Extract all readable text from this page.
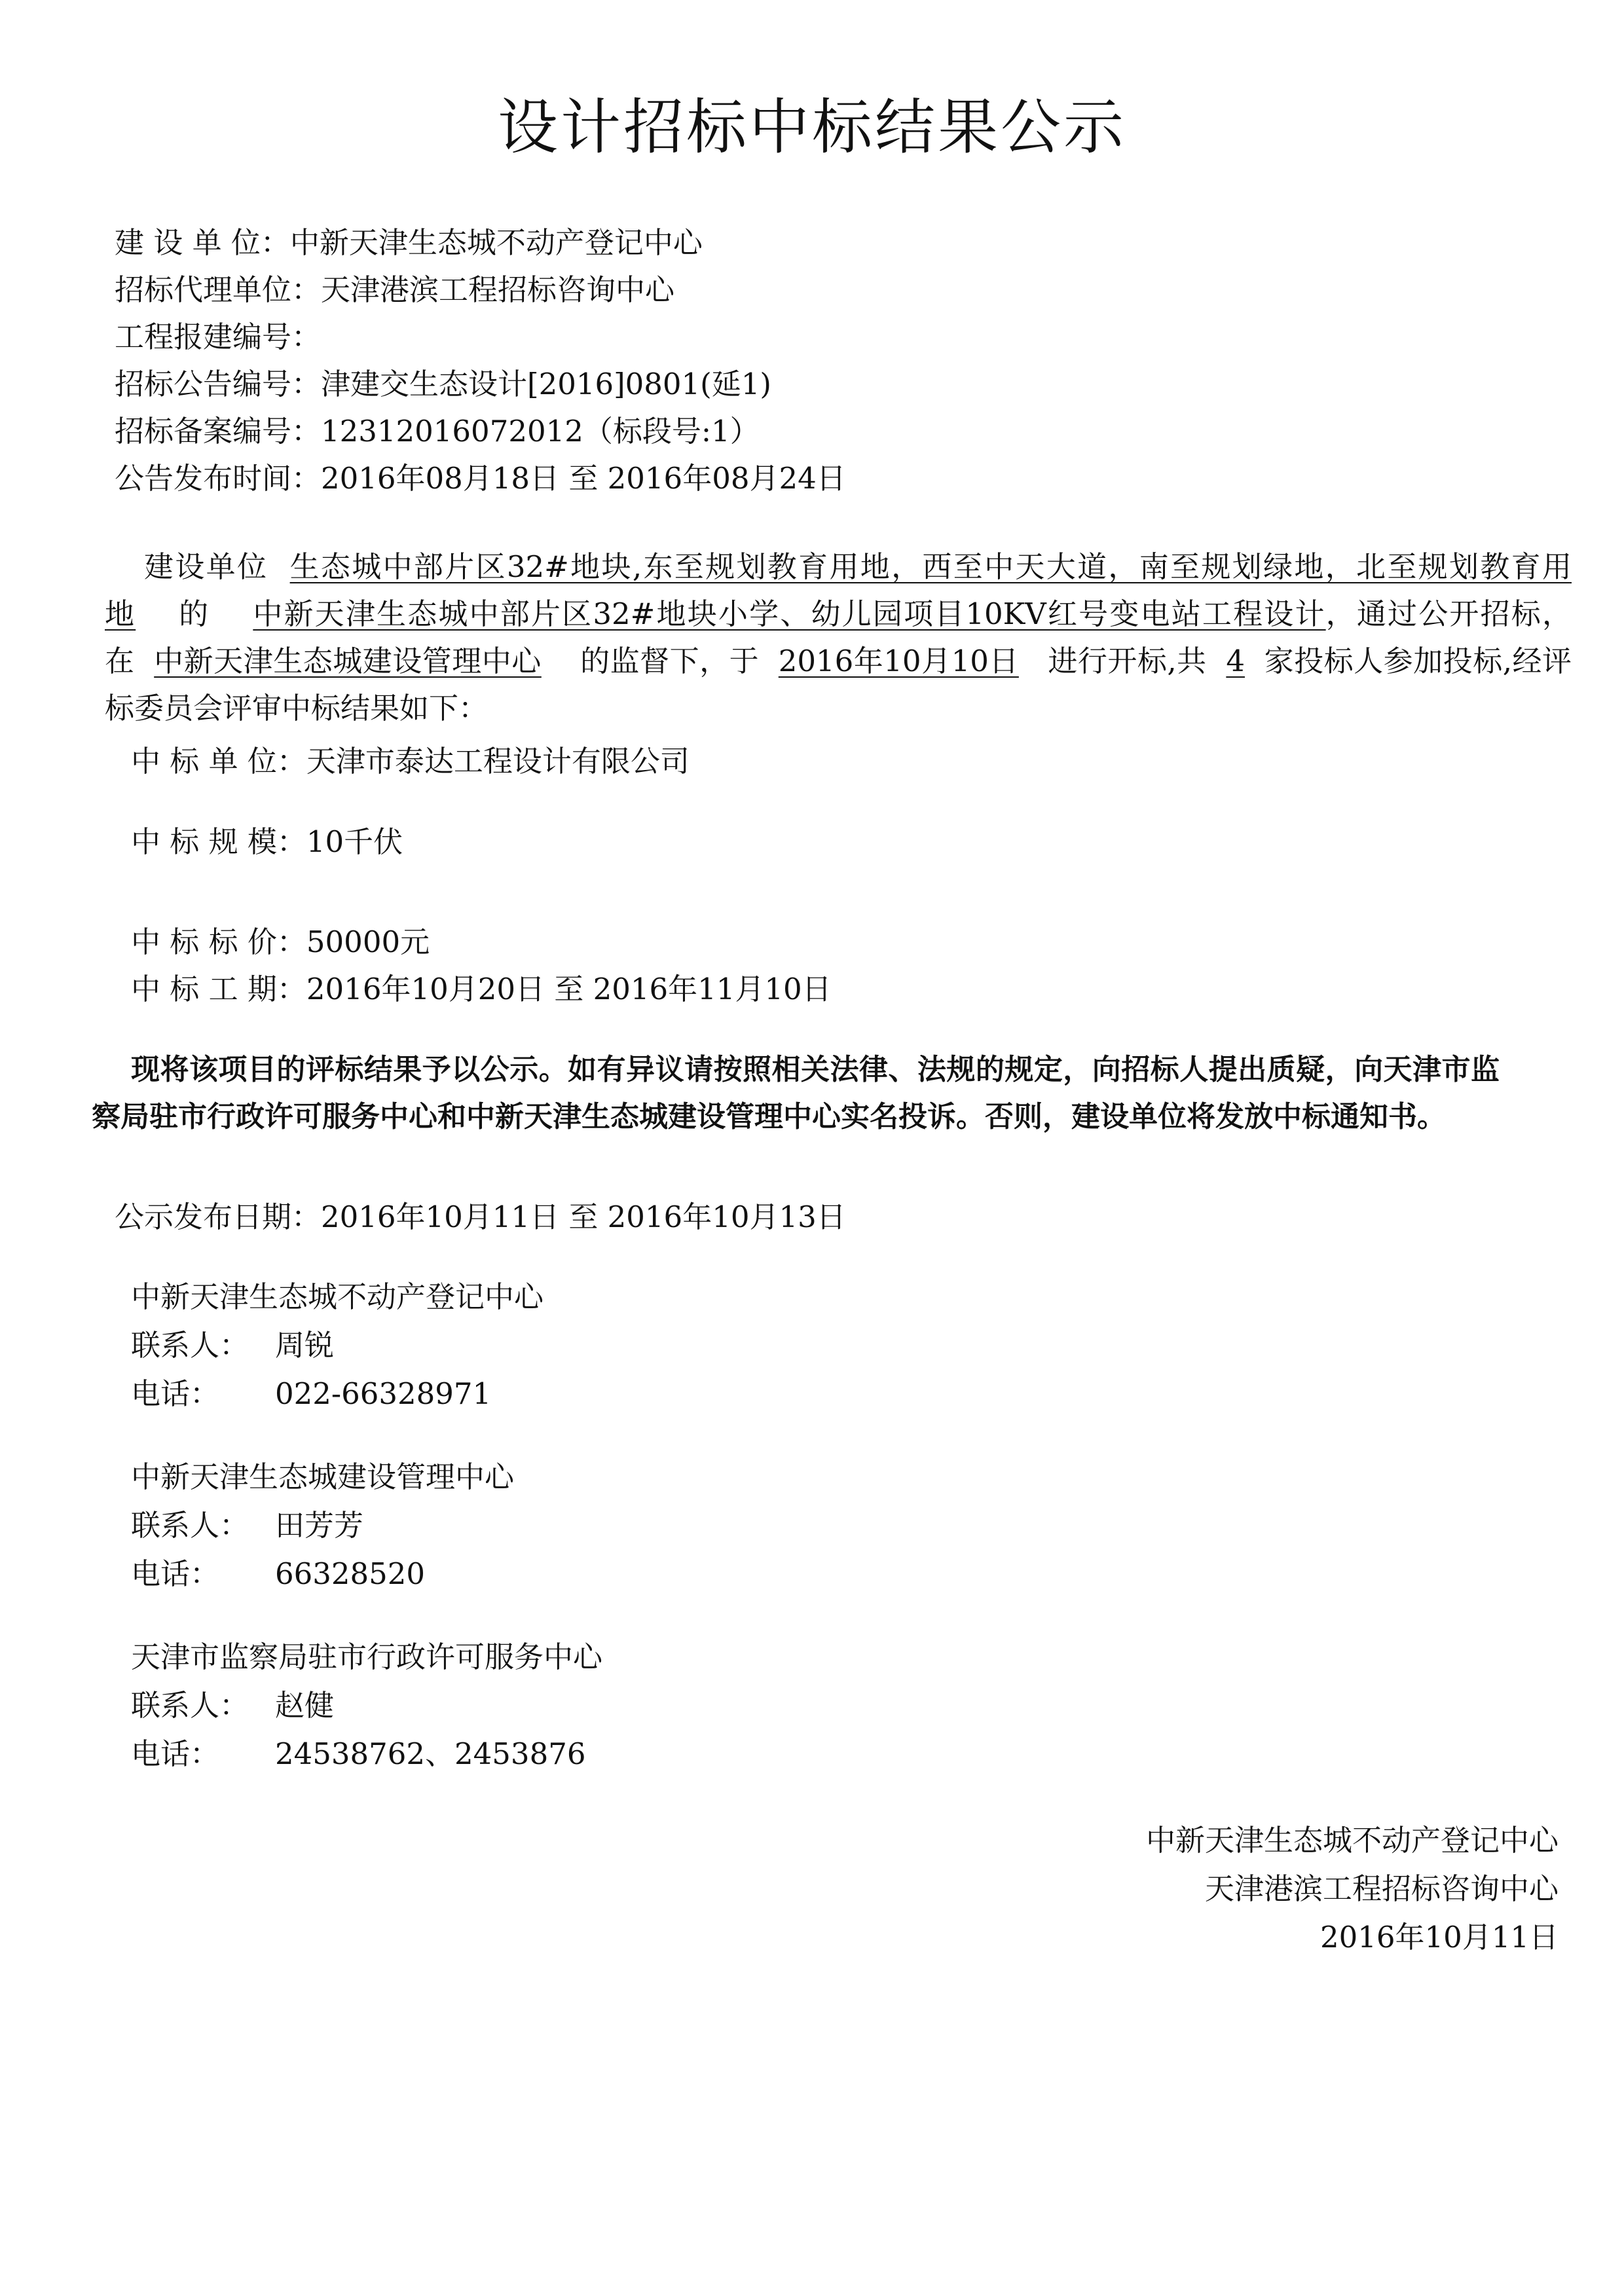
设计招标中标结果公示
建 设 单 位：中新天津生态城不动产登记中心
招标代理单位：天津港滨工程招标咨询中心
工程报建编号：
招标公告编号：津建交生态设计[2016]0801(延1)
招标备案编号：12312016072012（标段号:1）
公告发布时间：2016年08月18日 至 2016年08月24日
建设单位 生态城中部片区32#地块,东至规划教育用地，西至中天大道，南至规划绿地，北至规划教育用地 的 中新天津生态城中部片区32#地块小学、幼儿园项目10KV红号变电站工程设计，通过公开招标，在 中新天津生态城建设管理中心 的监督下，于 2016年10月10日 进行开标,共 4 家投标人参加投标,经评标委员会评审中标结果如下：
中 标 单 位：天津市泰达工程设计有限公司
中 标 规 模：10千伏
中 标 标 价：50000元
中 标 工 期：2016年10月20日 至 2016年11月10日
现将该项目的评标结果予以公示。如有异议请按照相关法律、法规的规定，向招标人提出质疑，向天津市监察局驻市行政许可服务中心和中新天津生态城建设管理中心实名投诉。否则，建设单位将发放中标通知书。
公示发布日期：2016年10月11日 至 2016年10月13日
中新天津生态城不动产登记中心
联系人： 周锐
电话： 022-66328971
中新天津生态城建设管理中心
联系人： 田芳芳
电话： 66328520
天津市监察局驻市行政许可服务中心
联系人： 赵健
电话： 24538762、2453876
中新天津生态城不动产登记中心
天津港滨工程招标咨询中心
2016年10月11日
